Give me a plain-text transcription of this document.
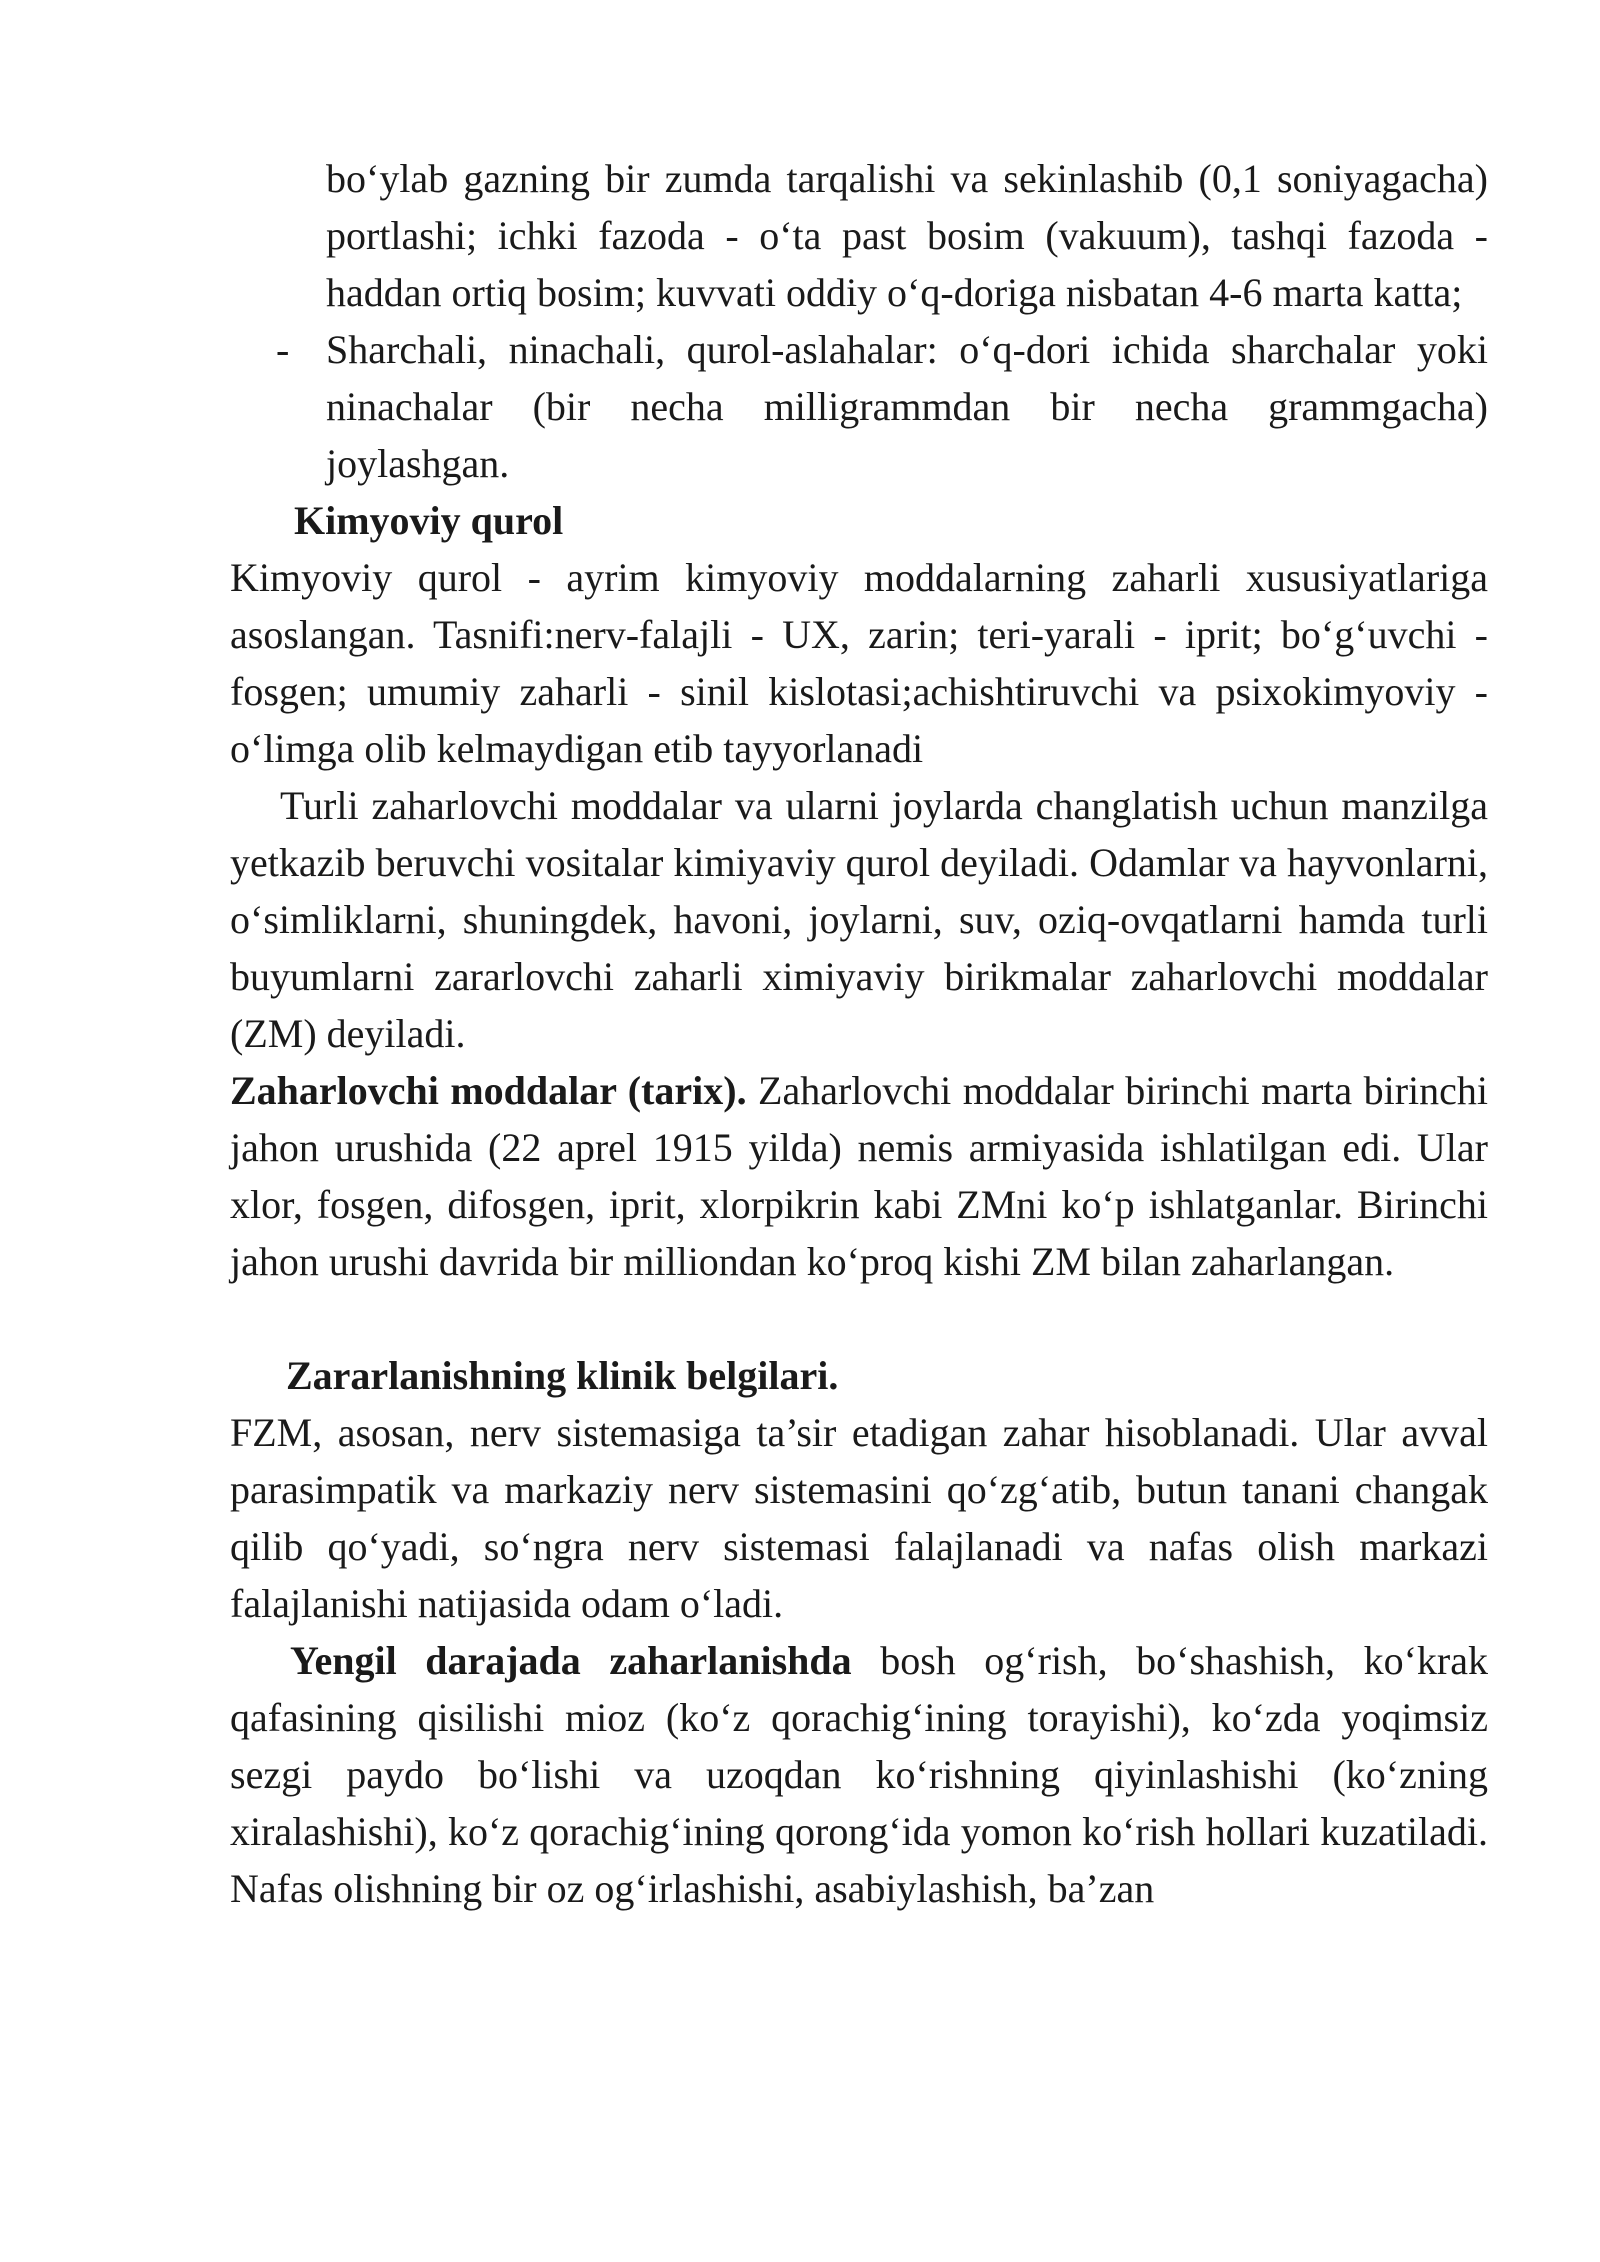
bo‘ylab gazning bir zumda tarqalishi va sekinlashib (0,1 soniyagacha) portlashi; ichki fazoda - o‘ta past bosim (vakuum), tashqi fazoda - haddan ortiq bosim; kuvvati oddiy o‘q-doriga nisbatan 4-6 marta katta;

- Sharchali, ninachali, qurol-aslahalar: o‘q-dori ichida sharchalar yoki ninachalar (bir necha milligrammdan bir necha grammgacha) joylashgan.

Kimyoviy qurol

Kimyoviy qurol - ayrim kimyoviy moddalarning zaharli xususiyatlariga asoslangan. Tasnifi:nerv-falajli - UX, zarin; teri-yarali - iprit; bo‘g‘uvchi -fosgen; umumiy zaharli - sinil kislotasi;achishtiruvchi va psixokimyoviy -o‘limga olib kelmaydigan etib tayyorlanadi

Turli zaharlovchi moddalar va ularni joylarda changlatish uchun manzilga yetkazib beruvchi vositalar kimiyaviy qurol deyiladi. Odamlar va hayvonlarni, o‘simliklarni, shuningdek, havoni, joylarni, suv, oziq-ovqatlarni hamda turli buyumlarni zararlovchi zaharli ximiyaviy birikmalar zaharlovchi moddalar (ZM) deyiladi.

Zaharlovchi moddalar (tarix). Zaharlovchi moddalar birinchi marta birinchi jahon urushida (22 aprel 1915 yilda) nemis armiyasida ishlatilgan edi. Ular xlor, fosgen, difosgen, iprit, xlorpikrin kabi ZMni ko‘p ishlatganlar. Birinchi jahon urushi davrida bir milliondan ko‘proq kishi ZM bilan zaharlangan.

Zararlanishning klinik belgilari.

FZM, asosan, nerv sistemasiga ta’sir etadigan zahar hisoblanadi. Ular avval parasimpatik va markaziy nerv sistemasini qo‘zg‘atib, butun tanani changak qilib qo‘yadi, so‘ngra nerv sistemasi falajlanadi va nafas olish markazi falajlanishi natijasida odam o‘ladi.

Yengil darajada zaharlanishda bosh og‘rish, bo‘shashish, ko‘krak qafasining qisilishi mioz (ko‘z qorachig‘ining torayishi), ko‘zda yoqimsiz sezgi paydo bo‘lishi va uzoqdan ko‘rishning qiyinlashishi (ko‘zning xiralashishi), ko‘z qorachig‘ining qorong‘ida yomon ko‘rish hollari kuzatiladi. Nafas olishning bir oz og‘irlashishi, asabiylashish, ba’zan
